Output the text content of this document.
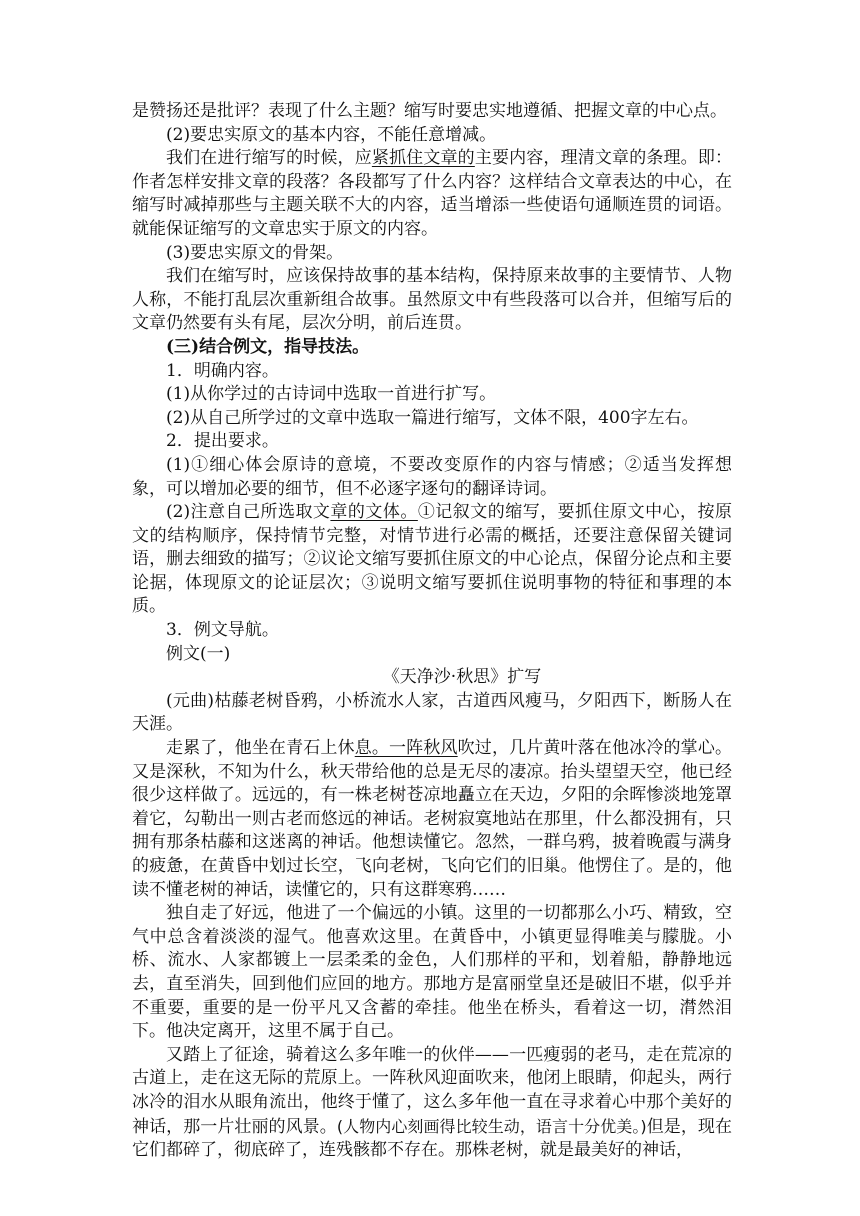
是赞扬还是批评？表现了什么主题？缩写时要忠实地遵循、把握文章的中心点。

(2)要忠实原文的基本内容，不能任意增减。

我们在进行缩写的时候，应紧抓住文章的主要内容，理清文章的条理。即：作者怎样安排文章的段落？各段都写了什么内容？这样结合文章表达的中心，在缩写时减掉那些与主题关联不大的内容，适当增添一些使语句通顺连贯的词语。就能保证缩写的文章忠实于原文的内容。

(3)要忠实原文的骨架。

我们在缩写时，应该保持故事的基本结构，保持原来故事的主要情节、人物人称，不能打乱层次重新组合故事。虽然原文中有些段落可以合并，但缩写后的文章仍然要有头有尾，层次分明，前后连贯。

(三)结合例文，指导技法。

1．明确内容。

(1)从你学过的古诗词中选取一首进行扩写。

(2)从自己所学过的文章中选取一篇进行缩写，文体不限，400字左右。

2．提出要求。

(1)①细心体会原诗的意境，不要改变原作的内容与情感；②适当发挥想象，可以增加必要的细节，但不必逐字逐句的翻译诗词。

(2)注意自己所选取文章的文体。①记叙文的缩写，要抓住原文中心，按原文的结构顺序，保持情节完整，对情节进行必需的概括，还要注意保留关键词语，删去细致的描写；②议论文缩写要抓住原文的中心论点，保留分论点和主要论据，体现原文的论证层次；③说明文缩写要抓住说明事物的特征和事理的本质。

3．例文导航。

例文(一)

《天净沙·秋思》扩写

(元曲)枯藤老树昏鸦，小桥流水人家，古道西风瘦马，夕阳西下，断肠人在天涯。

走累了，他坐在青石上休息。一阵秋风吹过，几片黄叶落在他冰冷的掌心。又是深秋，不知为什么，秋天带给他的总是无尽的凄凉。抬头望望天空，他已经很少这样做了。远远的，有一株老树苍凉地矗立在天边，夕阳的余晖惨淡地笼罩着它，勾勒出一则古老而悠远的神话。老树寂寞地站在那里，什么都没拥有，只拥有那条枯藤和这迷离的神话。他想读懂它。忽然，一群乌鸦，披着晚霞与满身的疲惫，在黄昏中划过长空，飞向老树，飞向它们的旧巢。他愣住了。是的，他读不懂老树的神话，读懂它的，只有这群寒鸦……

独自走了好远，他进了一个偏远的小镇。这里的一切都那么小巧、精致，空气中总含着淡淡的湿气。他喜欢这里。在黄昏中，小镇更显得唯美与朦胧。小桥、流水、人家都镀上一层柔柔的金色，人们那样的平和，划着船，静静地远去，直至消失，回到他们应回的地方。那地方是富丽堂皇还是破旧不堪，似乎并不重要，重要的是一份平凡又含蓄的牵挂。他坐在桥头，看着这一切，潸然泪下。他决定离开，这里不属于自己。

又踏上了征途，骑着这么多年唯一的伙伴——一匹瘦弱的老马，走在荒凉的古道上，走在这无际的荒原上。一阵秋风迎面吹来，他闭上眼睛，仰起头，两行冰冷的泪水从眼角流出，他终于懂了，这么多年他一直在寻求着心中那个美好的神话，那一片壮丽的风景。(人物内心刻画得比较生动，语言十分优美。)但是，现在它们都碎了，彻底碎了，连残骸都不存在。那株老树，就是最美好的神话，
